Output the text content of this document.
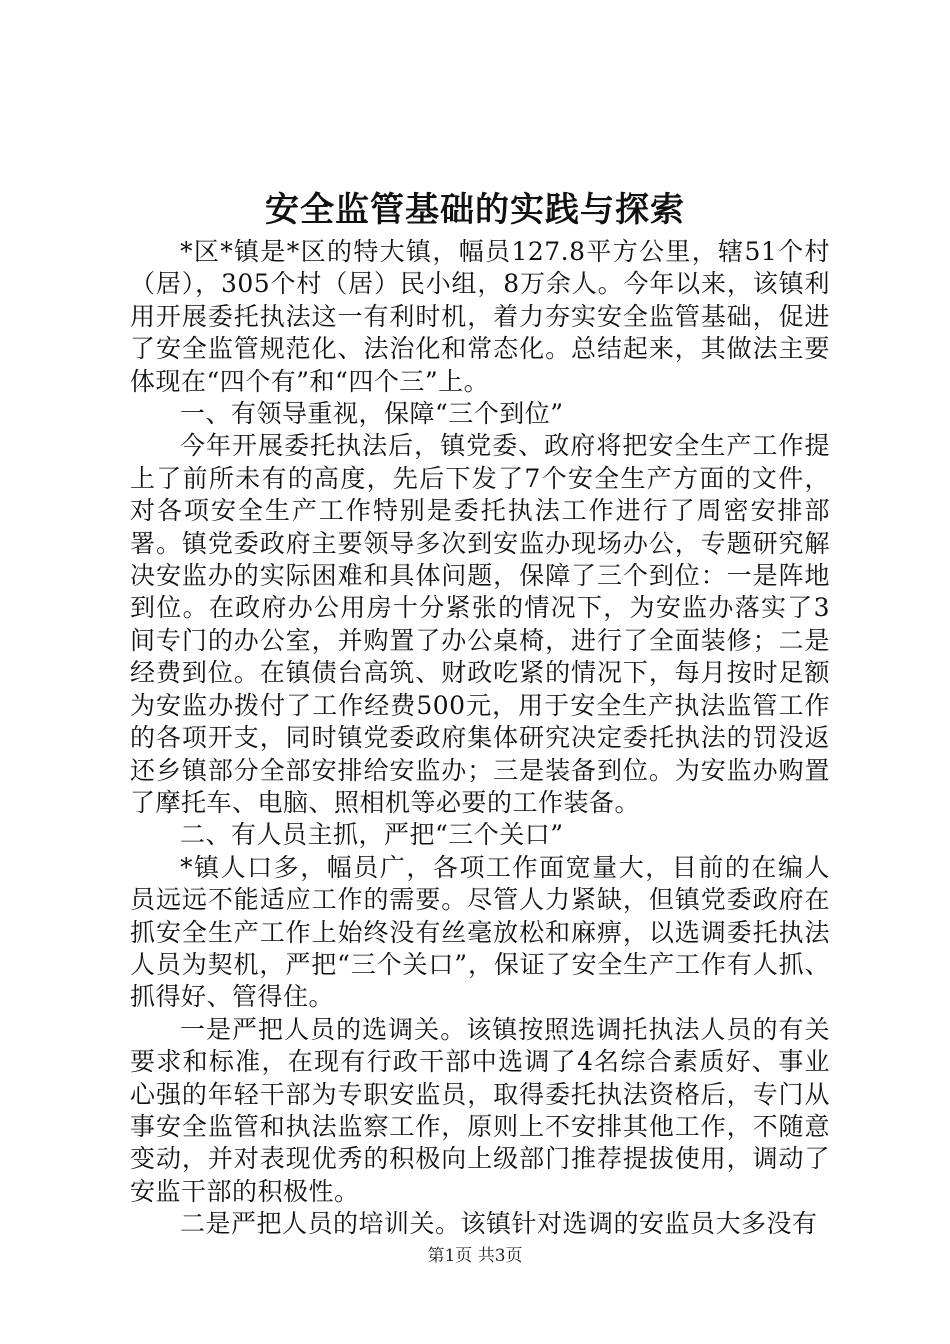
安全监管基础的实践与探索

*区*镇是*区的特大镇，幅员127.8平方公里，辖51个村（居），305个村（居）民小组，8万余人。今年以来，该镇利用开展委托执法这一有利时机，着力夯实安全监管基础，促进了安全监管规范化、法治化和常态化。总结起来，其做法主要体现在“四个有”和“四个三”上。

一、有领导重视，保障“三个到位”

今年开展委托执法后，镇党委、政府将把安全生产工作提上了前所未有的高度，先后下发了7个安全生产方面的文件，对各项安全生产工作特别是委托执法工作进行了周密安排部署。镇党委政府主要领导多次到安监办现场办公，专题研究解决安监办的实际困难和具体问题，保障了三个到位：一是阵地到位。在政府办公用房十分紧张的情况下，为安监办落实了3间专门的办公室，并购置了办公桌椅，进行了全面装修；二是经费到位。在镇债台高筑、财政吃紧的情况下，每月按时足额为安监办拨付了工作经费500元，用于安全生产执法监管工作的各项开支，同时镇党委政府集体研究决定委托执法的罚没返还乡镇部分全部安排给安监办；三是装备到位。为安监办购置了摩托车、电脑、照相机等必要的工作装备。

二、有人员主抓，严把“三个关口”

*镇人口多，幅员广，各项工作面宽量大，目前的在编人员远远不能适应工作的需要。尽管人力紧缺，但镇党委政府在抓安全生产工作上始终没有丝毫放松和麻痹，以选调委托执法人员为契机，严把“三个关口”，保证了安全生产工作有人抓、抓得好、管得住。

一是严把人员的选调关。该镇按照选调托执法人员的有关要求和标准，在现有行政干部中选调了4名综合素质好、事业心强的年轻干部为专职安监员，取得委托执法资格后，专门从事安全监管和执法监察工作，原则上不安排其他工作，不随意变动，并对表现优秀的积极向上级部门推荐提拔使用，调动了安监干部的积极性。

二是严把人员的培训关。该镇针对选调的安监员大多没有

第1页 共3页
